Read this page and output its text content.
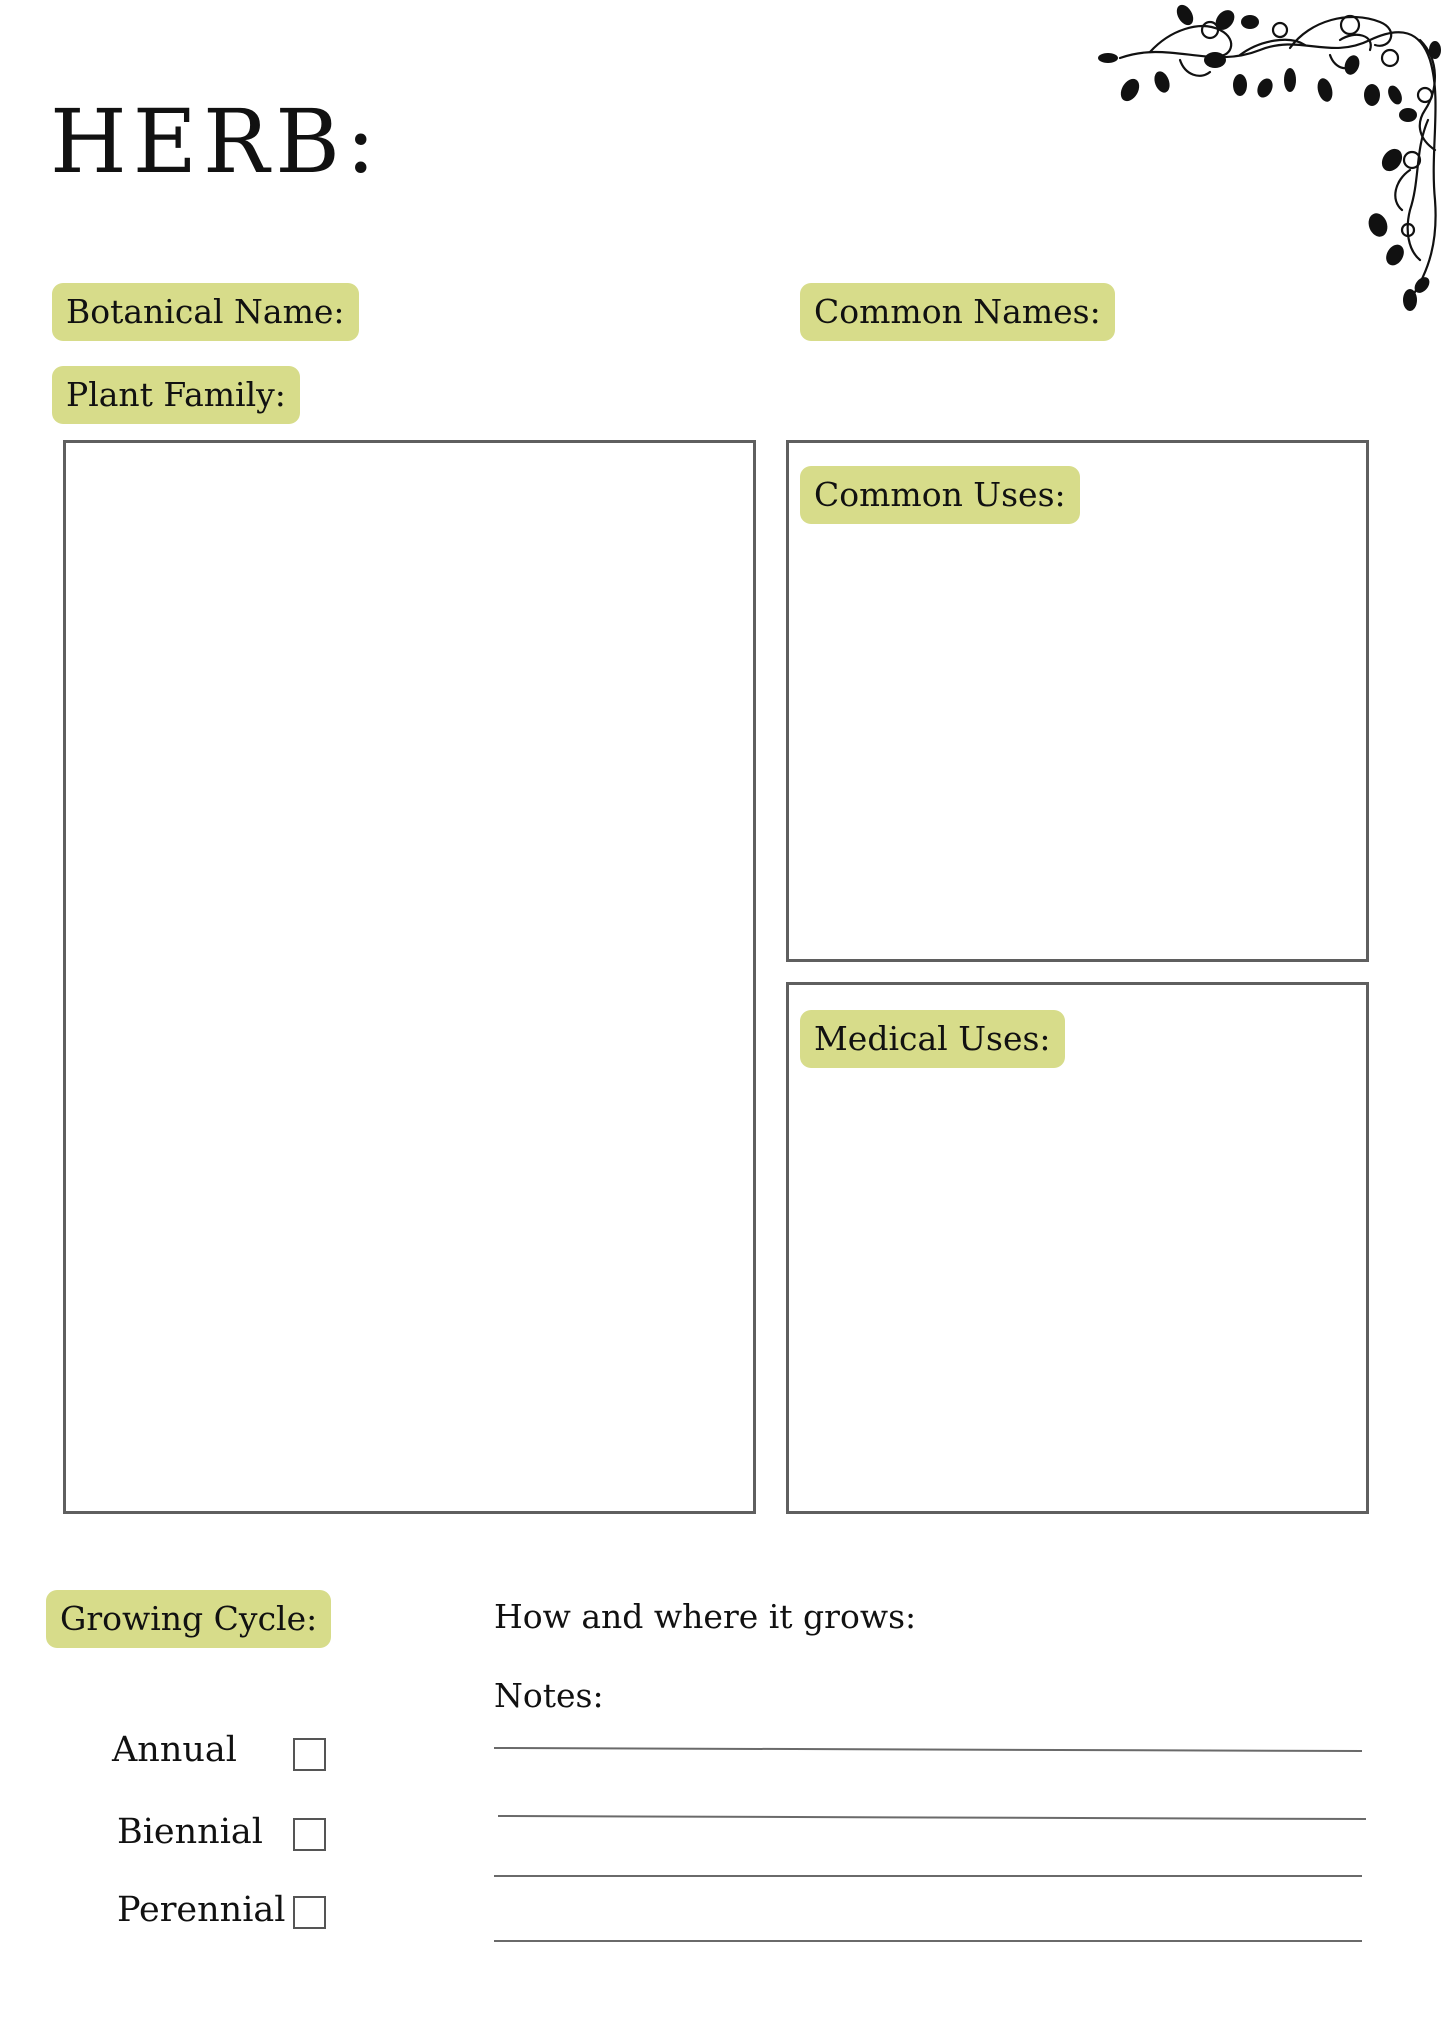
HERB:
Botanical Name:	Common Names:
Plant Family:
Common Uses:
Medical Uses:
Growing Cycle:
Annual
Biennial
Perennial
How and where it grows:
Notes:
